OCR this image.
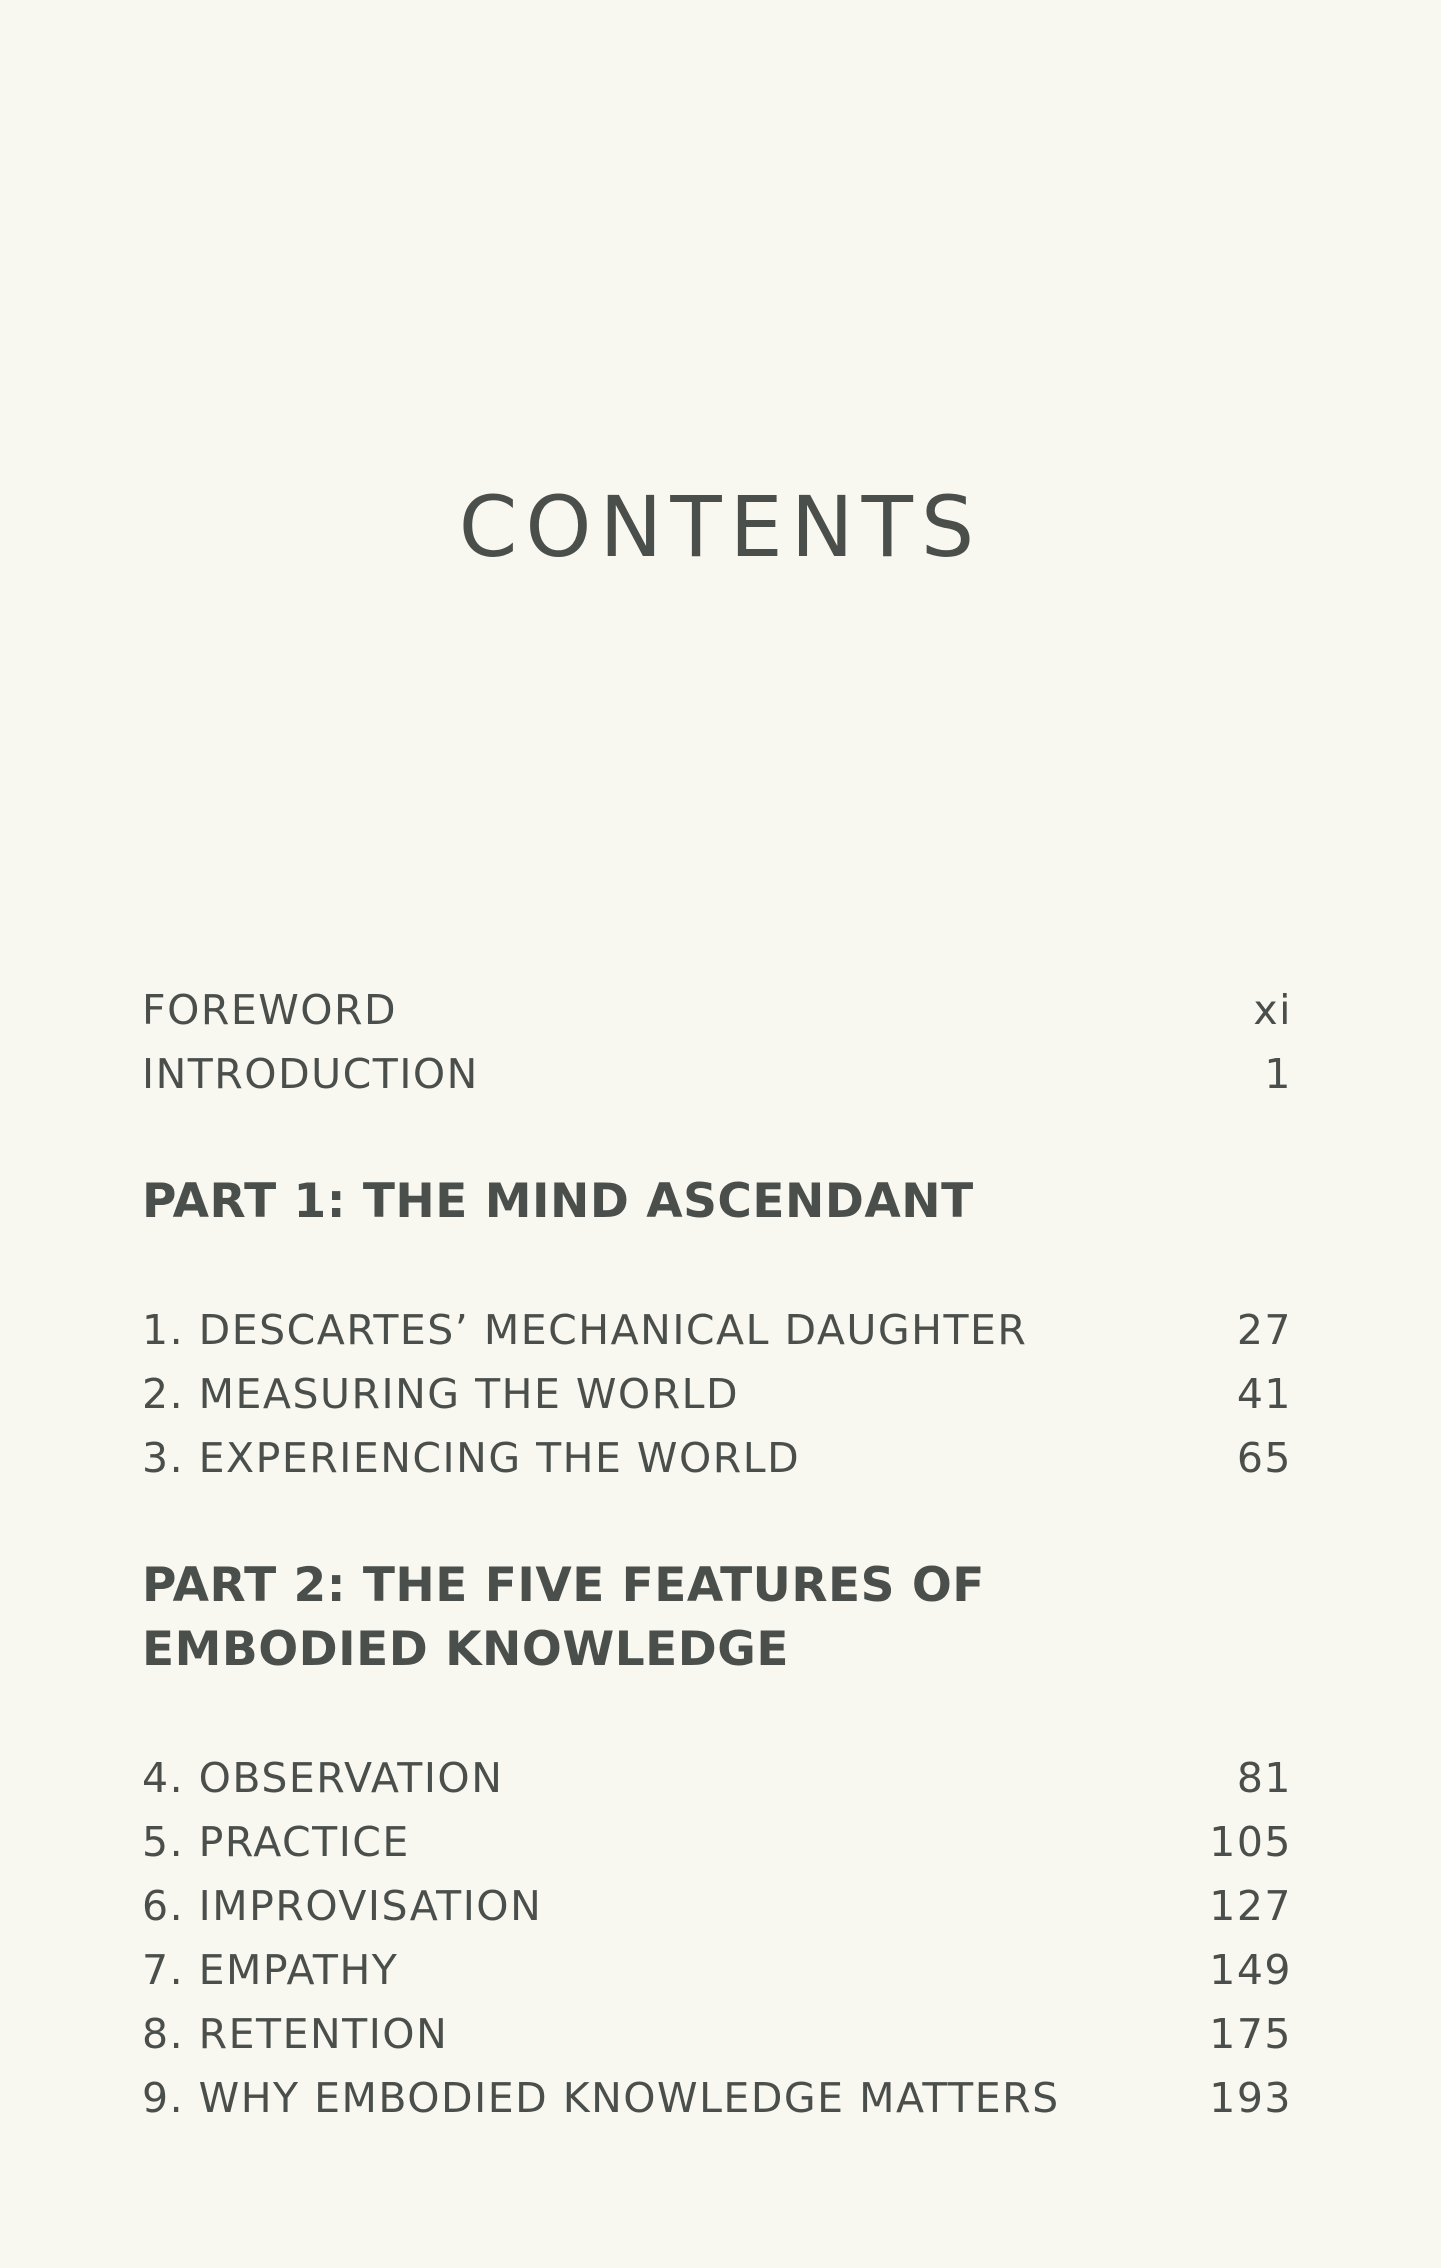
CONTENTS
FOREWORD	xi
INTRODUCTION	1
PART 1: THE MIND ASCENDANT
1. DESCARTES’ MECHANICAL DAUGHTER	27
2. MEASURING THE WORLD	41
3. EXPERIENCING THE WORLD	65
PART 2: THE FIVE FEATURES OF
EMBODIED KNOWLEDGE
4. OBSERVATION	81
5. PRACTICE	105
6. IMPROVISATION	127
7. EMPATHY	149
8. RETENTION	175
9. WHY EMBODIED KNOWLEDGE MATTERS	193
